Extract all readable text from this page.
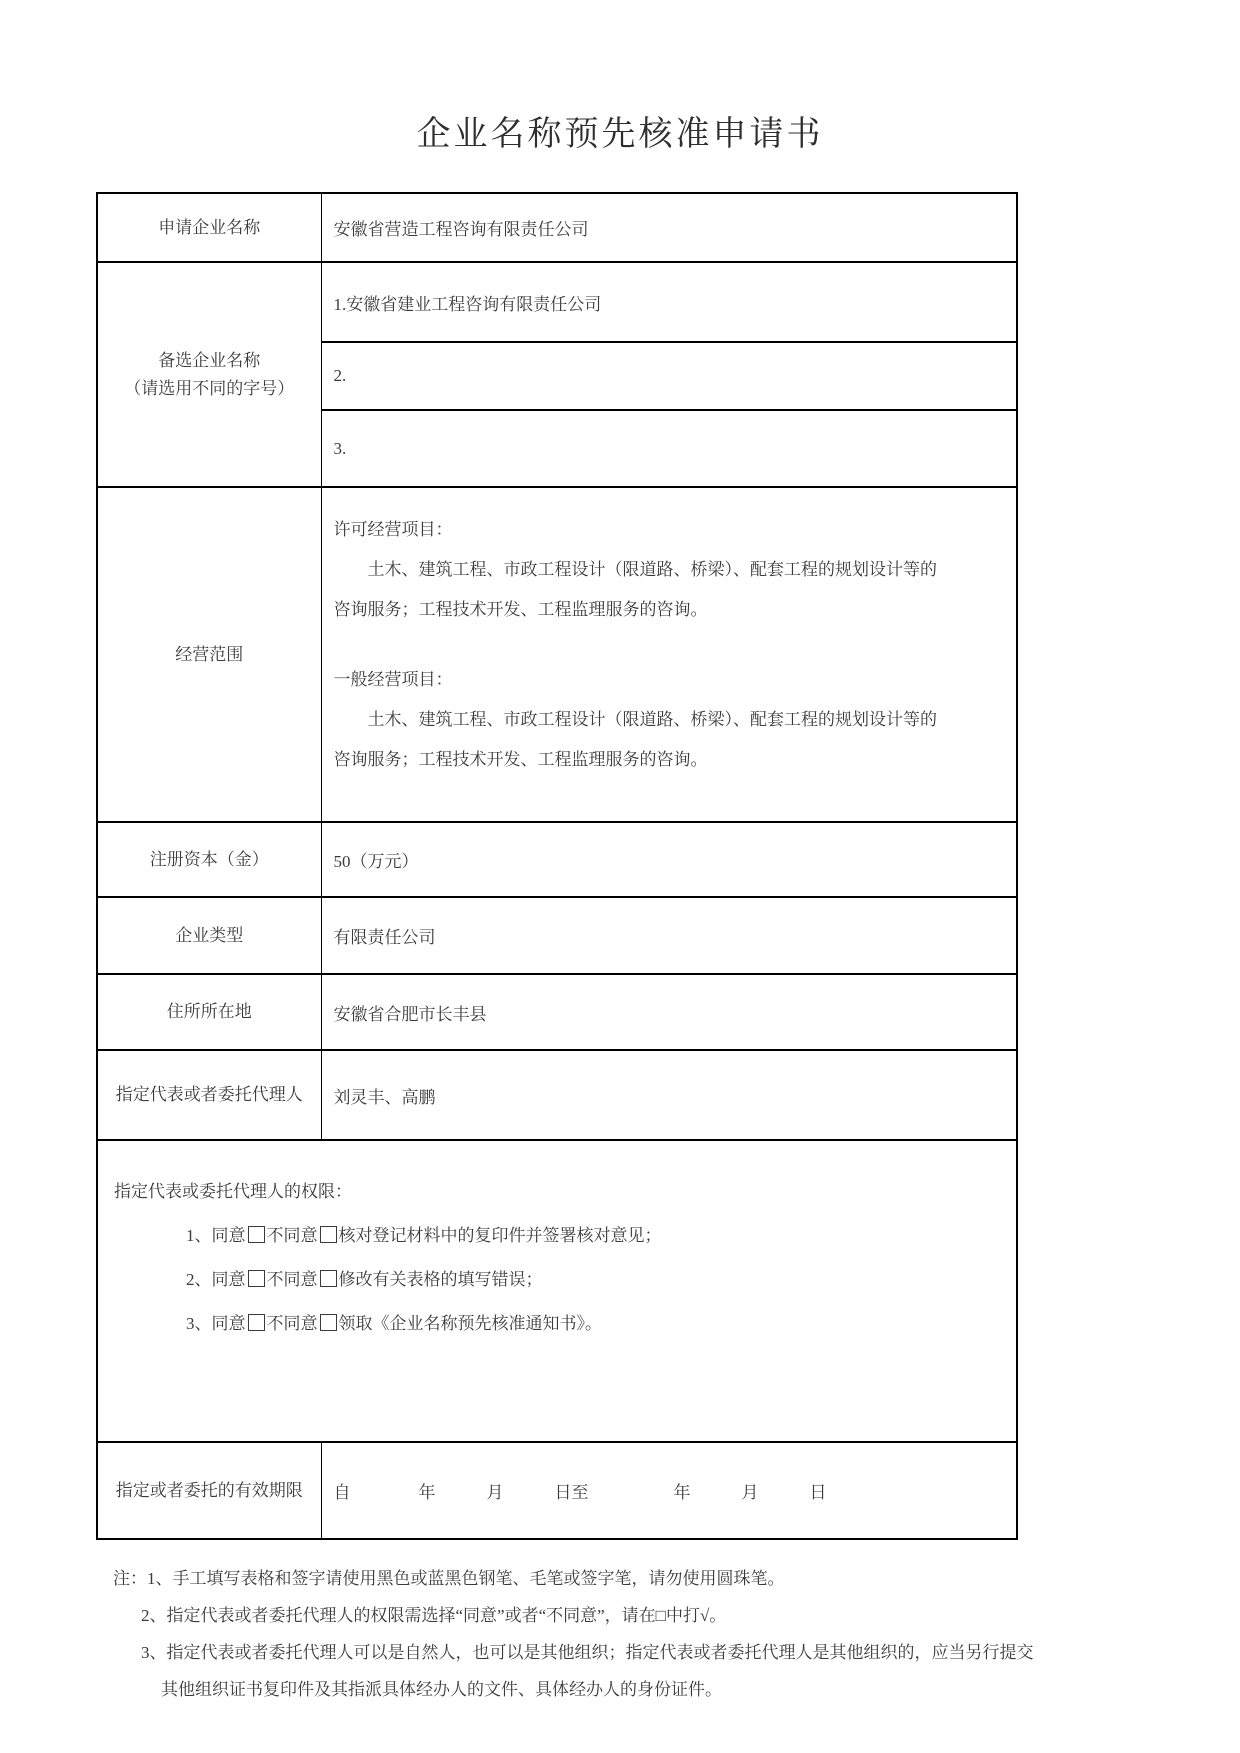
企业名称预先核准申请书
申请企业名称	安徽省营造工程咨询有限责任公司

备选企业名称
（请选用不同的字号）	1.安徽省建业工程咨询有限责任公司
	2.
	3.
经营范围	
许可经营项目：
　　土木、建筑工程、市政工程设计（限道路、桥梁）、配套工程的规划设计等的
咨询服务；工程技术开发、工程监理服务的咨询。
一般经营项目：
　　土木、建筑工程、市政工程设计（限道路、桥梁）、配套工程的规划设计等的
咨询服务；工程技术开发、工程监理服务的咨询。

注册资本（金）	50（万元）
企业类型	有限责任公司
住所所在地	安徽省合肥市长丰县
指定代表或者委托代理人	刘灵丰、高鹏

指定代表或委托代理人的权限：
1、同意 不同意 核对登记材料中的复印件并签署核对意见；
2、同意 不同意 修改有关表格的填写错误；
3、同意 不同意 领取《企业名称预先核准通知书》。	

指定或者委托的有效期限	自　　　　年　　　月　　　日至　　　　　年　　　月　　　日
注：1、手工填写表格和签字请使用黑色或蓝黑色钢笔、毛笔或签字笔，请勿使用圆珠笔。
2、指定代表或者委托代理人的权限需选择“同意”或者“不同意”，请在□中打√。
3、指定代表或者委托代理人可以是自然人，也可以是其他组织；指定代表或者委托代理人是其他组织的，应当另行提交
其他组织证书复印件及其指派具体经办人的文件、具体经办人的身份证件。
